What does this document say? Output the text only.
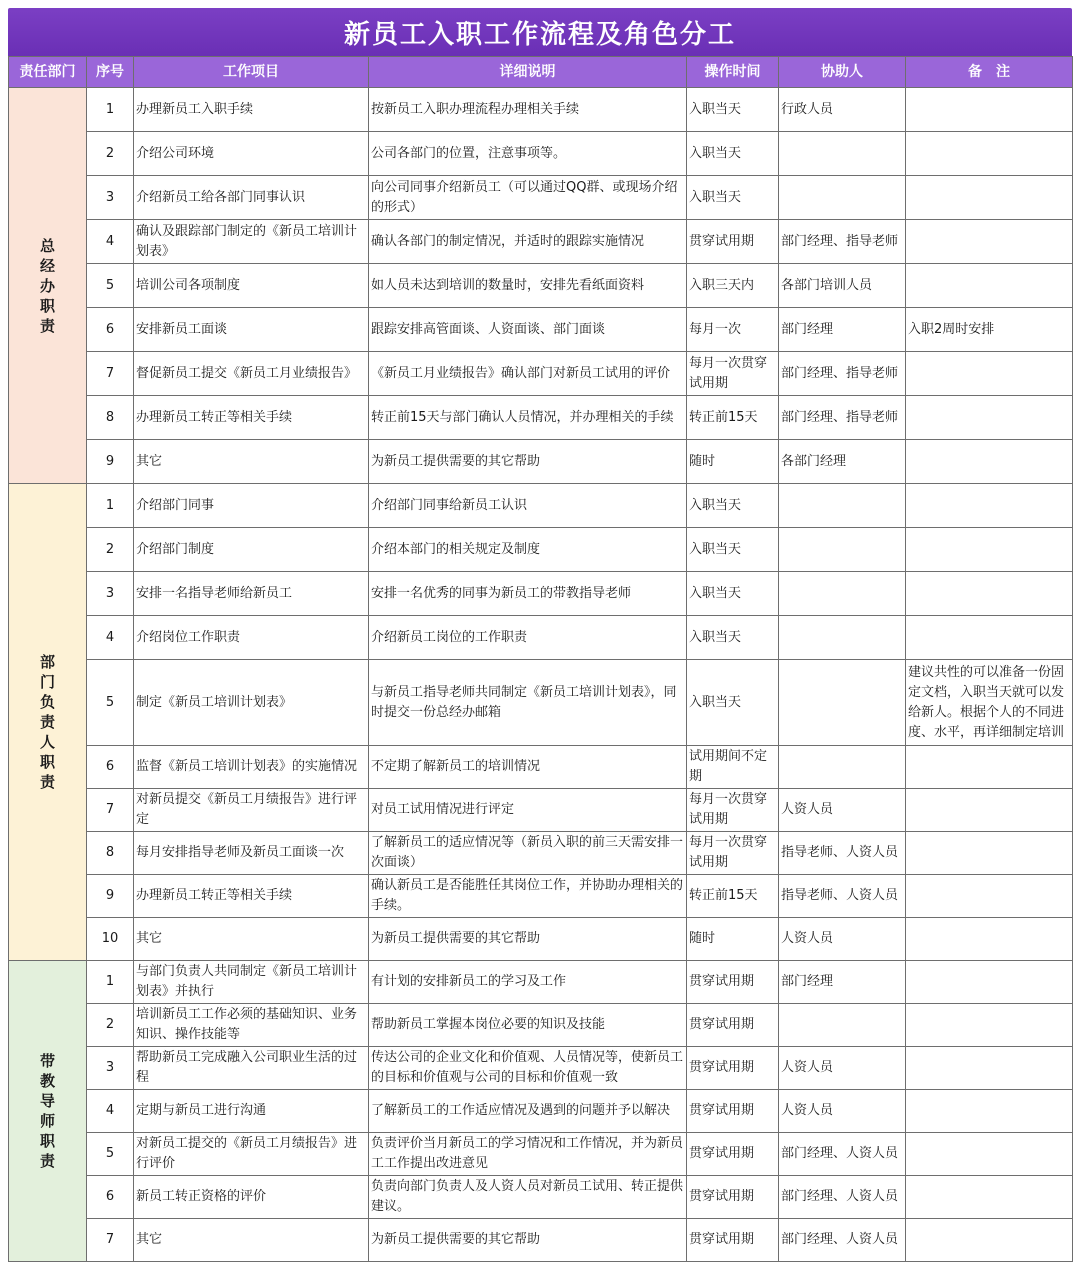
新员工入职工作流程及角色分工
责任部门	序号	工作项目	详细说明	操作时间	协助人	备　注
总经办职责	1	办理新员工入职手续	按新员工入职办理流程办理相关手续	入职当天	行政人员	
	2	介绍公司环境	公司各部门的位置，注意事项等。	入职当天		
	3	介绍新员工给各部门同事认识	向公司同事介绍新员工（可以通过QQ群、或现场介绍的形式）	入职当天		
	4	确认及跟踪部门制定的《新员工培训计划表》	确认各部门的制定情况，并适时的跟踪实施情况	贯穿试用期	部门经理、指导老师	
	5	培训公司各项制度	如人员未达到培训的数量时，安排先看纸面资料	入职三天内	各部门培训人员	
	6	安排新员工面谈	跟踪安排高管面谈、人资面谈、部门面谈	每月一次	部门经理	入职2周时安排
	7	督促新员工提交《新员工月业绩报告》	《新员工月业绩报告》确认部门对新员工试用的评价	每月一次贯穿试用期	部门经理、指导老师	
	8	办理新员工转正等相关手续	转正前15天与部门确认人员情况，并办理相关的手续	转正前15天	部门经理、指导老师	
	9	其它	为新员工提供需要的其它帮助	随时	各部门经理	
部门负责人职责	1	介绍部门同事	介绍部门同事给新员工认识	入职当天		
	2	介绍部门制度	介绍本部门的相关规定及制度	入职当天		
	3	安排一名指导老师给新员工	安排一名优秀的同事为新员工的带教指导老师	入职当天		
	4	介绍岗位工作职责	介绍新员工岗位的工作职责	入职当天		
	5	制定《新员工培训计划表》	与新员工指导老师共同制定《新员工培训计划表》，同时提交一份总经办邮箱	入职当天		建议共性的可以准备一份固定文档，入职当天就可以发给新人。根据个人的不同进度、水平，再详细制定培训
	6	监督《新员工培训计划表》的实施情况	不定期了解新员工的培训情况	试用期间不定期		
	7	对新员提交《新员工月绩报告》进行评定	对员工试用情况进行评定	每月一次贯穿试用期	人资人员	
	8	每月安排指导老师及新员工面谈一次	了解新员工的适应情况等（新员入职的前三天需安排一次面谈）	每月一次贯穿试用期	指导老师、人资人员	
	9	办理新员工转正等相关手续	确认新员工是否能胜任其岗位工作，并协助办理相关的手续。	转正前15天	指导老师、人资人员	
	10	其它	为新员工提供需要的其它帮助	随时	人资人员	
带教导师职责	1	与部门负责人共同制定《新员工培训计划表》并执行	有计划的安排新员工的学习及工作	贯穿试用期	部门经理	
	2	培训新员工工作必须的基础知识、业务知识、操作技能等	帮助新员工掌握本岗位必要的知识及技能	贯穿试用期		
	3	帮助新员工完成融入公司职业生活的过程	传达公司的企业文化和价值观、人员情况等，使新员工的目标和价值观与公司的目标和价值观一致	贯穿试用期	人资人员	
	4	定期与新员工进行沟通	了解新员工的工作适应情况及遇到的问题并予以解决	贯穿试用期	人资人员	
	5	对新员工提交的《新员工月绩报告》进行评价	负责评价当月新员工的学习情况和工作情况，并为新员工工作提出改进意见	贯穿试用期	部门经理、人资人员	
	6	新员工转正资格的评价	负责向部门负责人及人资人员对新员工试用、转正提供建议。	贯穿试用期	部门经理、人资人员	
	7	其它	为新员工提供需要的其它帮助	贯穿试用期	部门经理、人资人员	
